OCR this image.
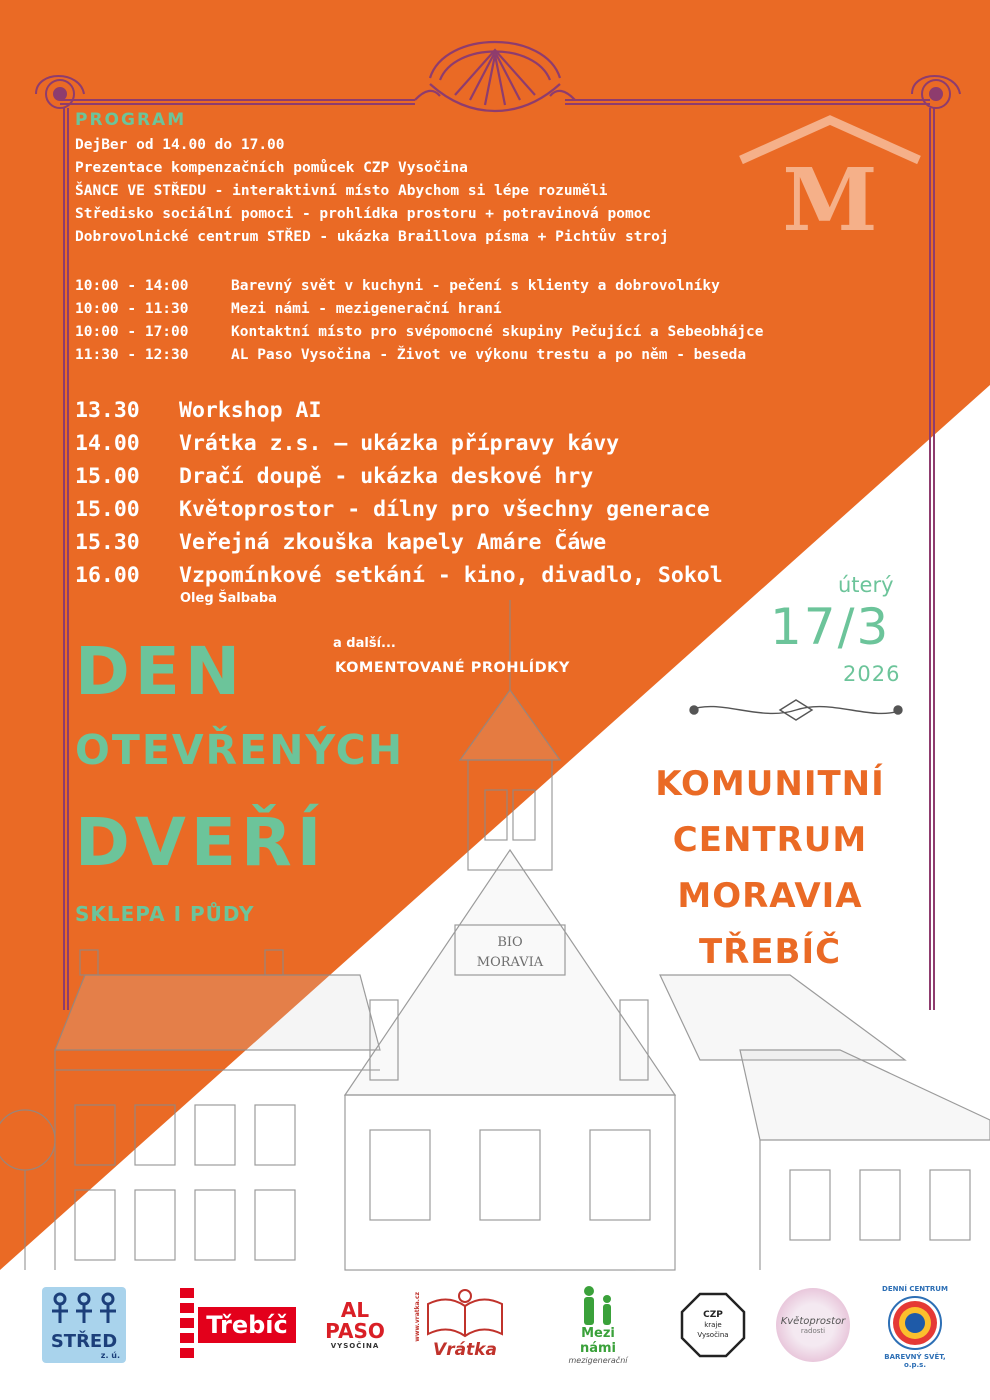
M
BIO
MORAVIA
PROGRAM
DejBer od 14.00 do 17.00
Prezentace kompenzačních pomůcek CZP Vysočina
ŠANCE VE STŘEDU - interaktivní místo Abychom si lépe rozuměli
Středisko sociální pomoci - prohlídka prostoru + potravinová pomoc
Dobrovolnické centrum STŘED - ukázka Braillova písma + Pichtův stroj
10:00 - 14:00	Barevný svět v kuchyni - pečení s klienty a dobrovolníky
10:00 - 11:30	Mezi námi - mezigenerační hraní
10:00 - 17:00	Kontaktní místo pro svépomocné skupiny Pečující a Sebeobhájce
11:30 - 12:30	AL Paso Vysočina - Život ve výkonu trestu a po něm - beseda
13.30	Workshop AI
14.00	Vrátka z.s. – ukázka přípravy kávy
15.00	Dračí doupě - ukázka deskové hry
15.00	Květoprostor - dílny pro všechny generace
15.30	Veřejná zkouška kapely Amáre Čáwe
16.00	Vzpomínkové setkání - kino, divadlo, Sokol
Oleg Šalbaba
a další...
KOMENTOVANÉ PROHLÍDKY
DEN
OTEVŘENÝCH
DVEŘÍ
SKLEPA I PŮDY
úterý
17/3
2026
KOMUNITNÍ
CENTRUM
MORAVIA
TŘEBÍČ
STŘED
z. ú.
Třebíč
AL
PASO
VYSOČINA
www.vratka.cz
Vrátka
Mezi námi
mezigenerační
CZP
kraje
Vysočina
Květoprostor
radosti
DENNÍ CENTRUM
BAREVNÝ SVĚT, o.p.s.
